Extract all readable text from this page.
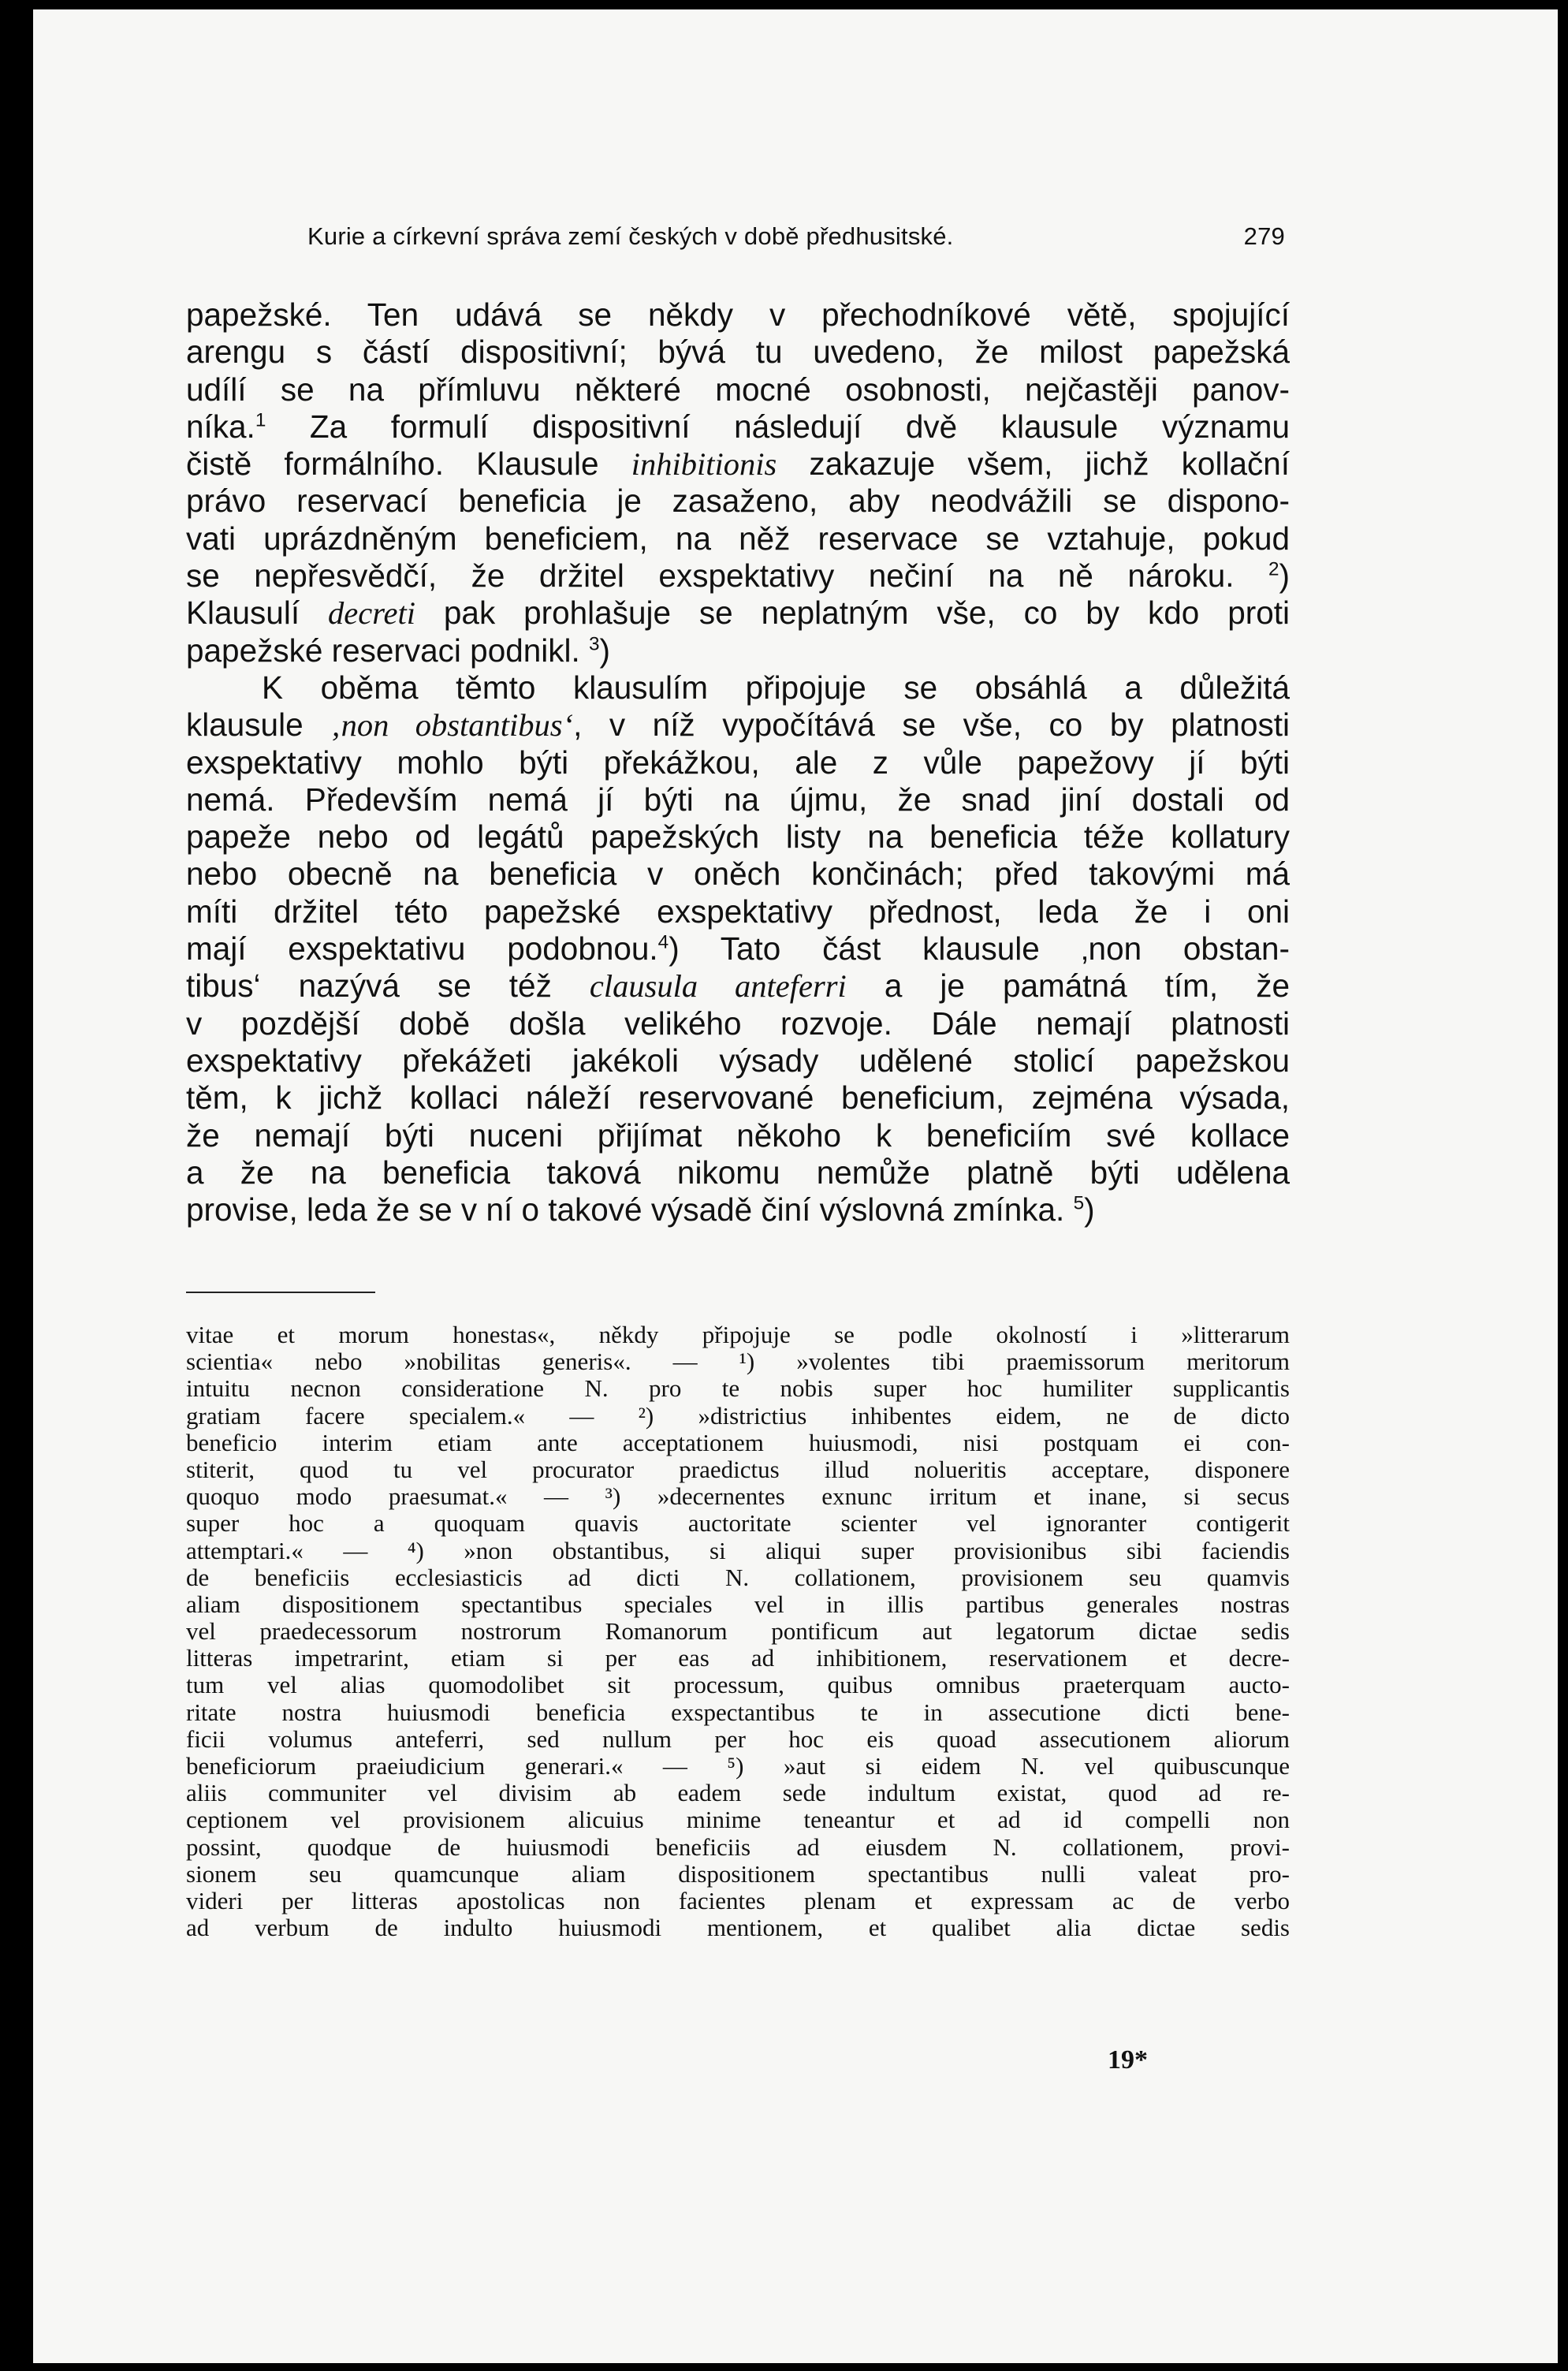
Kurie a církevní správa zemí českých v době předhusitské.	279
papežské. Ten udává se někdy v přechodníkové větě, spojující
arengu s částí dispositivní; bývá tu uvedeno, že milost papežská
udílí se na přímluvu některé mocné osobnosti, nejčastěji panov-
níka.$^1$ Za formulí dispositivní následují dvě klausule významu
čistě formálního. Klausule inhibitionis zakazuje všem, jichž kollační
právo reservací beneficia je zasaženo, aby neodvážili se dispono-
vati uprázdněným beneficiem, na něž reservace se vztahuje, pokud
se nepřesvědčí, že držitel exspektativy nečiní na ně nároku. $^2$)
Klausulí decreti pak prohlašuje se neplatným vše, co by kdo proti
papežské reservaci podnikl. $^3$)
K oběma těmto klausulím připojuje se obsáhlá a důležitá
klausule ‚non obstantibus‘, v níž vypočítává se vše, co by platnosti
exspektativy mohlo býti překážkou, ale z vůle papežovy jí býti
nemá. Především nemá jí býti na újmu, že snad jiní dostali od
papeže nebo od legátů papežských listy na beneficia téže kollatury
nebo obecně na beneficia v oněch končinách; před takovými má
míti držitel této papežské exspektativy přednost, leda že i oni
mají exspektativu podobnou.$^4$) Tato část klausule ‚non obstan-
tibus‘ nazývá se též clausula anteferri a je památná tím, že
v pozdější době došla velikého rozvoje. Dále nemají platnosti
exspektativy překážeti jakékoli výsady udělené stolicí papežskou
těm, k jichž kollaci náleží reservované beneficium, zejména výsada,
že nemají býti nuceni přijímat někoho k beneficiím své kollace
a že na beneficia taková nikomu nemůže platně býti udělena
provise, leda že se v ní o takové výsadě činí výslovná zmínka. $^5$)
vitae et morum honestas«, někdy připojuje se podle okolností i »litterarum
scientia« nebo »nobilitas generis«. — ¹) »volentes tibi praemissorum meritorum
intuitu necnon consideratione N. pro te nobis super hoc humiliter supplicantis
gratiam facere specialem.« — ²) »districtius inhibentes eidem, ne de dicto
beneficio interim etiam ante acceptationem huiusmodi, nisi postquam ei con-
stiterit, quod tu vel procurator praedictus illud nolueritis acceptare, disponere
quoquo modo praesumat.« — ³) »decernentes exnunc irritum et inane, si secus
super hoc a quoquam quavis auctoritate scienter vel ignoranter contigerit
attemptari.« — ⁴) »non obstantibus, si aliqui super provisionibus sibi faciendis
de beneficiis ecclesiasticis ad dicti N. collationem, provisionem seu quamvis
aliam dispositionem spectantibus speciales vel in illis partibus generales nostras
vel praedecessorum nostrorum Romanorum pontificum aut legatorum dictae sedis
litteras impetrarint, etiam si per eas ad inhibitionem, reservationem et decre-
tum vel alias quomodolibet sit processum, quibus omnibus praeterquam aucto-
ritate nostra huiusmodi beneficia exspectantibus te in assecutione dicti bene-
ficii volumus anteferri, sed nullum per hoc eis quoad assecutionem aliorum
beneficiorum praeiudicium generari.« — ⁵) »aut si eidem N. vel quibuscunque
aliis communiter vel divisim ab eadem sede indultum existat, quod ad re-
ceptionem vel provisionem alicuius minime teneantur et ad id compelli non
possint, quodque de huiusmodi beneficiis ad eiusdem N. collationem, provi-
sionem seu quamcunque aliam dispositionem spectantibus nulli valeat pro-
videri per litteras apostolicas non facientes plenam et expressam ac de verbo
ad verbum de indulto huiusmodi mentionem, et qualibet alia dictae sedis
19*
